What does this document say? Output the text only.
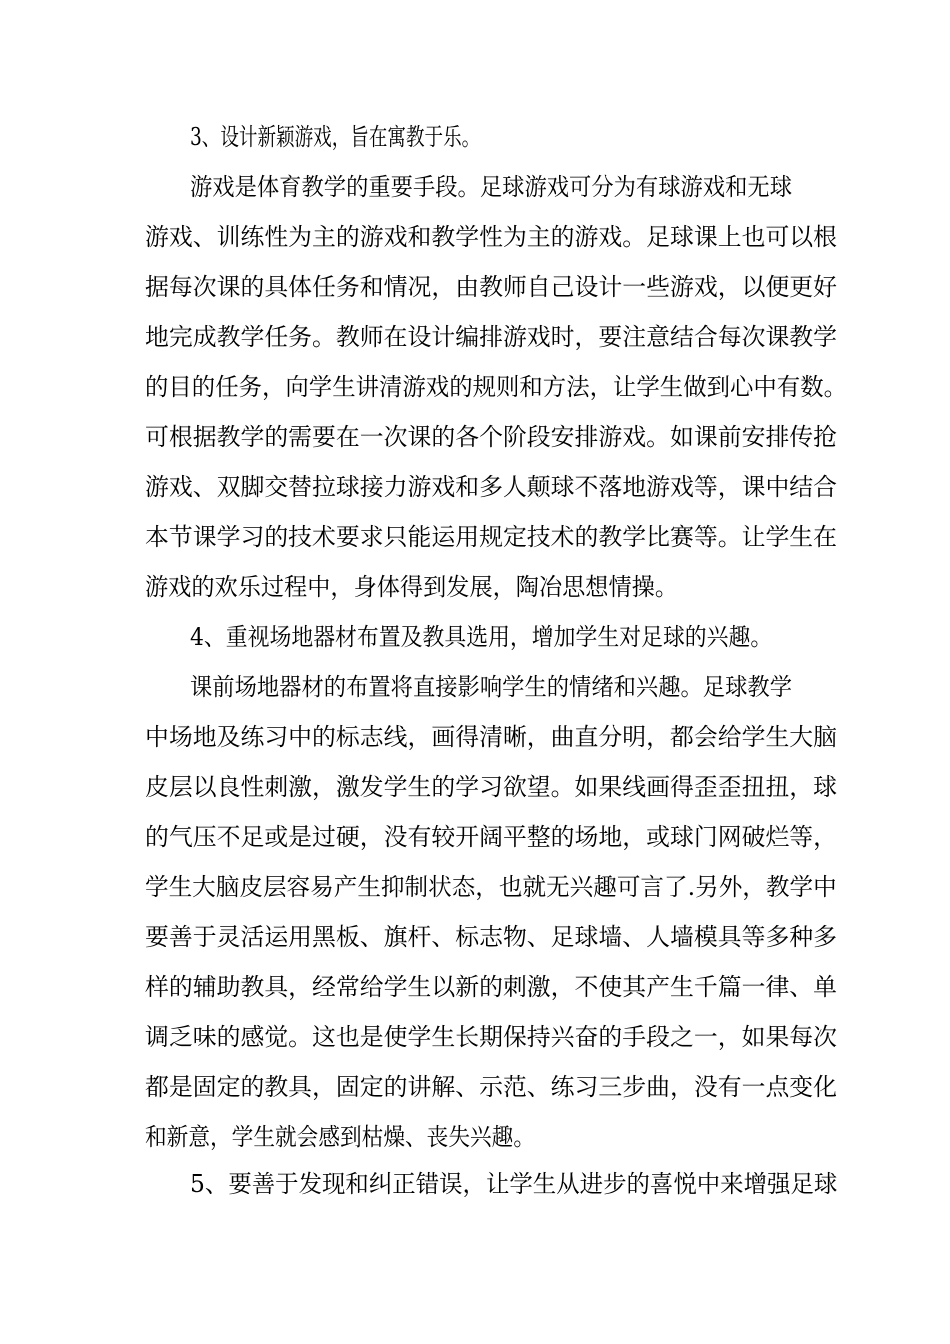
3、设计新颖游戏，旨在寓教于乐。
游戏是体育教学的重要手段。足球游戏可分为有球游戏和无球
游戏、训练性为主的游戏和教学性为主的游戏。足球课上也可以根
据每次课的具体任务和情况，由教师自己设计一些游戏，以便更好
地完成教学任务。教师在设计编排游戏时，要注意结合每次课教学
的目的任务，向学生讲清游戏的规则和方法，让学生做到心中有数。
可根据教学的需要在一次课的各个阶段安排游戏。如课前安排传抢
游戏、双脚交替拉球接力游戏和多人颠球不落地游戏等，课中结合
本节课学习的技术要求只能运用规定技术的教学比赛等。让学生在
游戏的欢乐过程中，身体得到发展，陶冶思想情操。
4、重视场地器材布置及教具选用，增加学生对足球的兴趣。
课前场地器材的布置将直接影响学生的情绪和兴趣。足球教学
中场地及练习中的标志线，画得清晰，曲直分明，都会给学生大脑
皮层以良性刺激，激发学生的学习欲望。如果线画得歪歪扭扭，球
的气压不足或是过硬，没有较开阔平整的场地，或球门网破烂等，
学生大脑皮层容易产生抑制状态，也就无兴趣可言了.另外，教学中
要善于灵活运用黑板、旗杆、标志物、足球墙、人墙模具等多种多
样的辅助教具，经常给学生以新的刺激，不使其产生千篇一律、单
调乏味的感觉。这也是使学生长期保持兴奋的手段之一，如果每次
都是固定的教具，固定的讲解、示范、练习三步曲，没有一点变化
和新意，学生就会感到枯燥、丧失兴趣。
5、要善于发现和纠正错误，让学生从进步的喜悦中来增强足球
